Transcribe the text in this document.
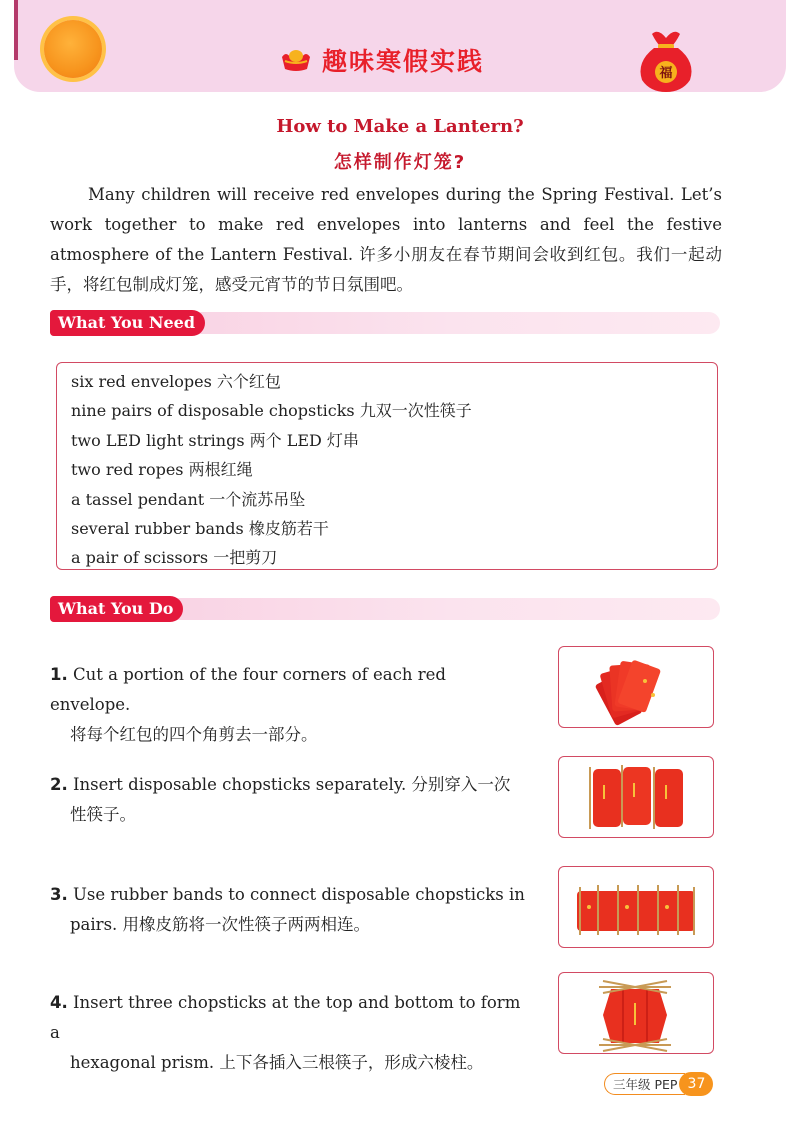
趣味寒假实践	福
How to Make a Lantern?
怎样制作灯笼?
Many children will receive red envelopes during the Spring Festival. Let’s work together to make red envelopes into lanterns and feel the festive atmosphere of the Lantern Festival. 许多小朋友在春节期间会收到红包。我们一起动手，将红包制成灯笼，感受元宵节的节日氛围吧。
What You Need
six red envelopes 六个红包
nine pairs of disposable chopsticks 九双一次性筷子
two LED light strings 两个 LED 灯串
two red ropes 两根红绳
a tassel pendant 一个流苏吊坠
several rubber bands 橡皮筋若干
a pair of scissors 一把剪刀
What You Do
1. Cut a portion of the four corners of each red envelope.
将每个红包的四个角剪去一部分。
2. Insert disposable chopsticks separately. 分别穿入一次
性筷子。
3. Use rubber bands to connect disposable chopsticks in
pairs. 用橡皮筋将一次性筷子两两相连。
4. Insert three chopsticks at the top and bottom to form a
hexagonal prism. 上下各插入三根筷子，形成六棱柱。
三年级 PEP 37
